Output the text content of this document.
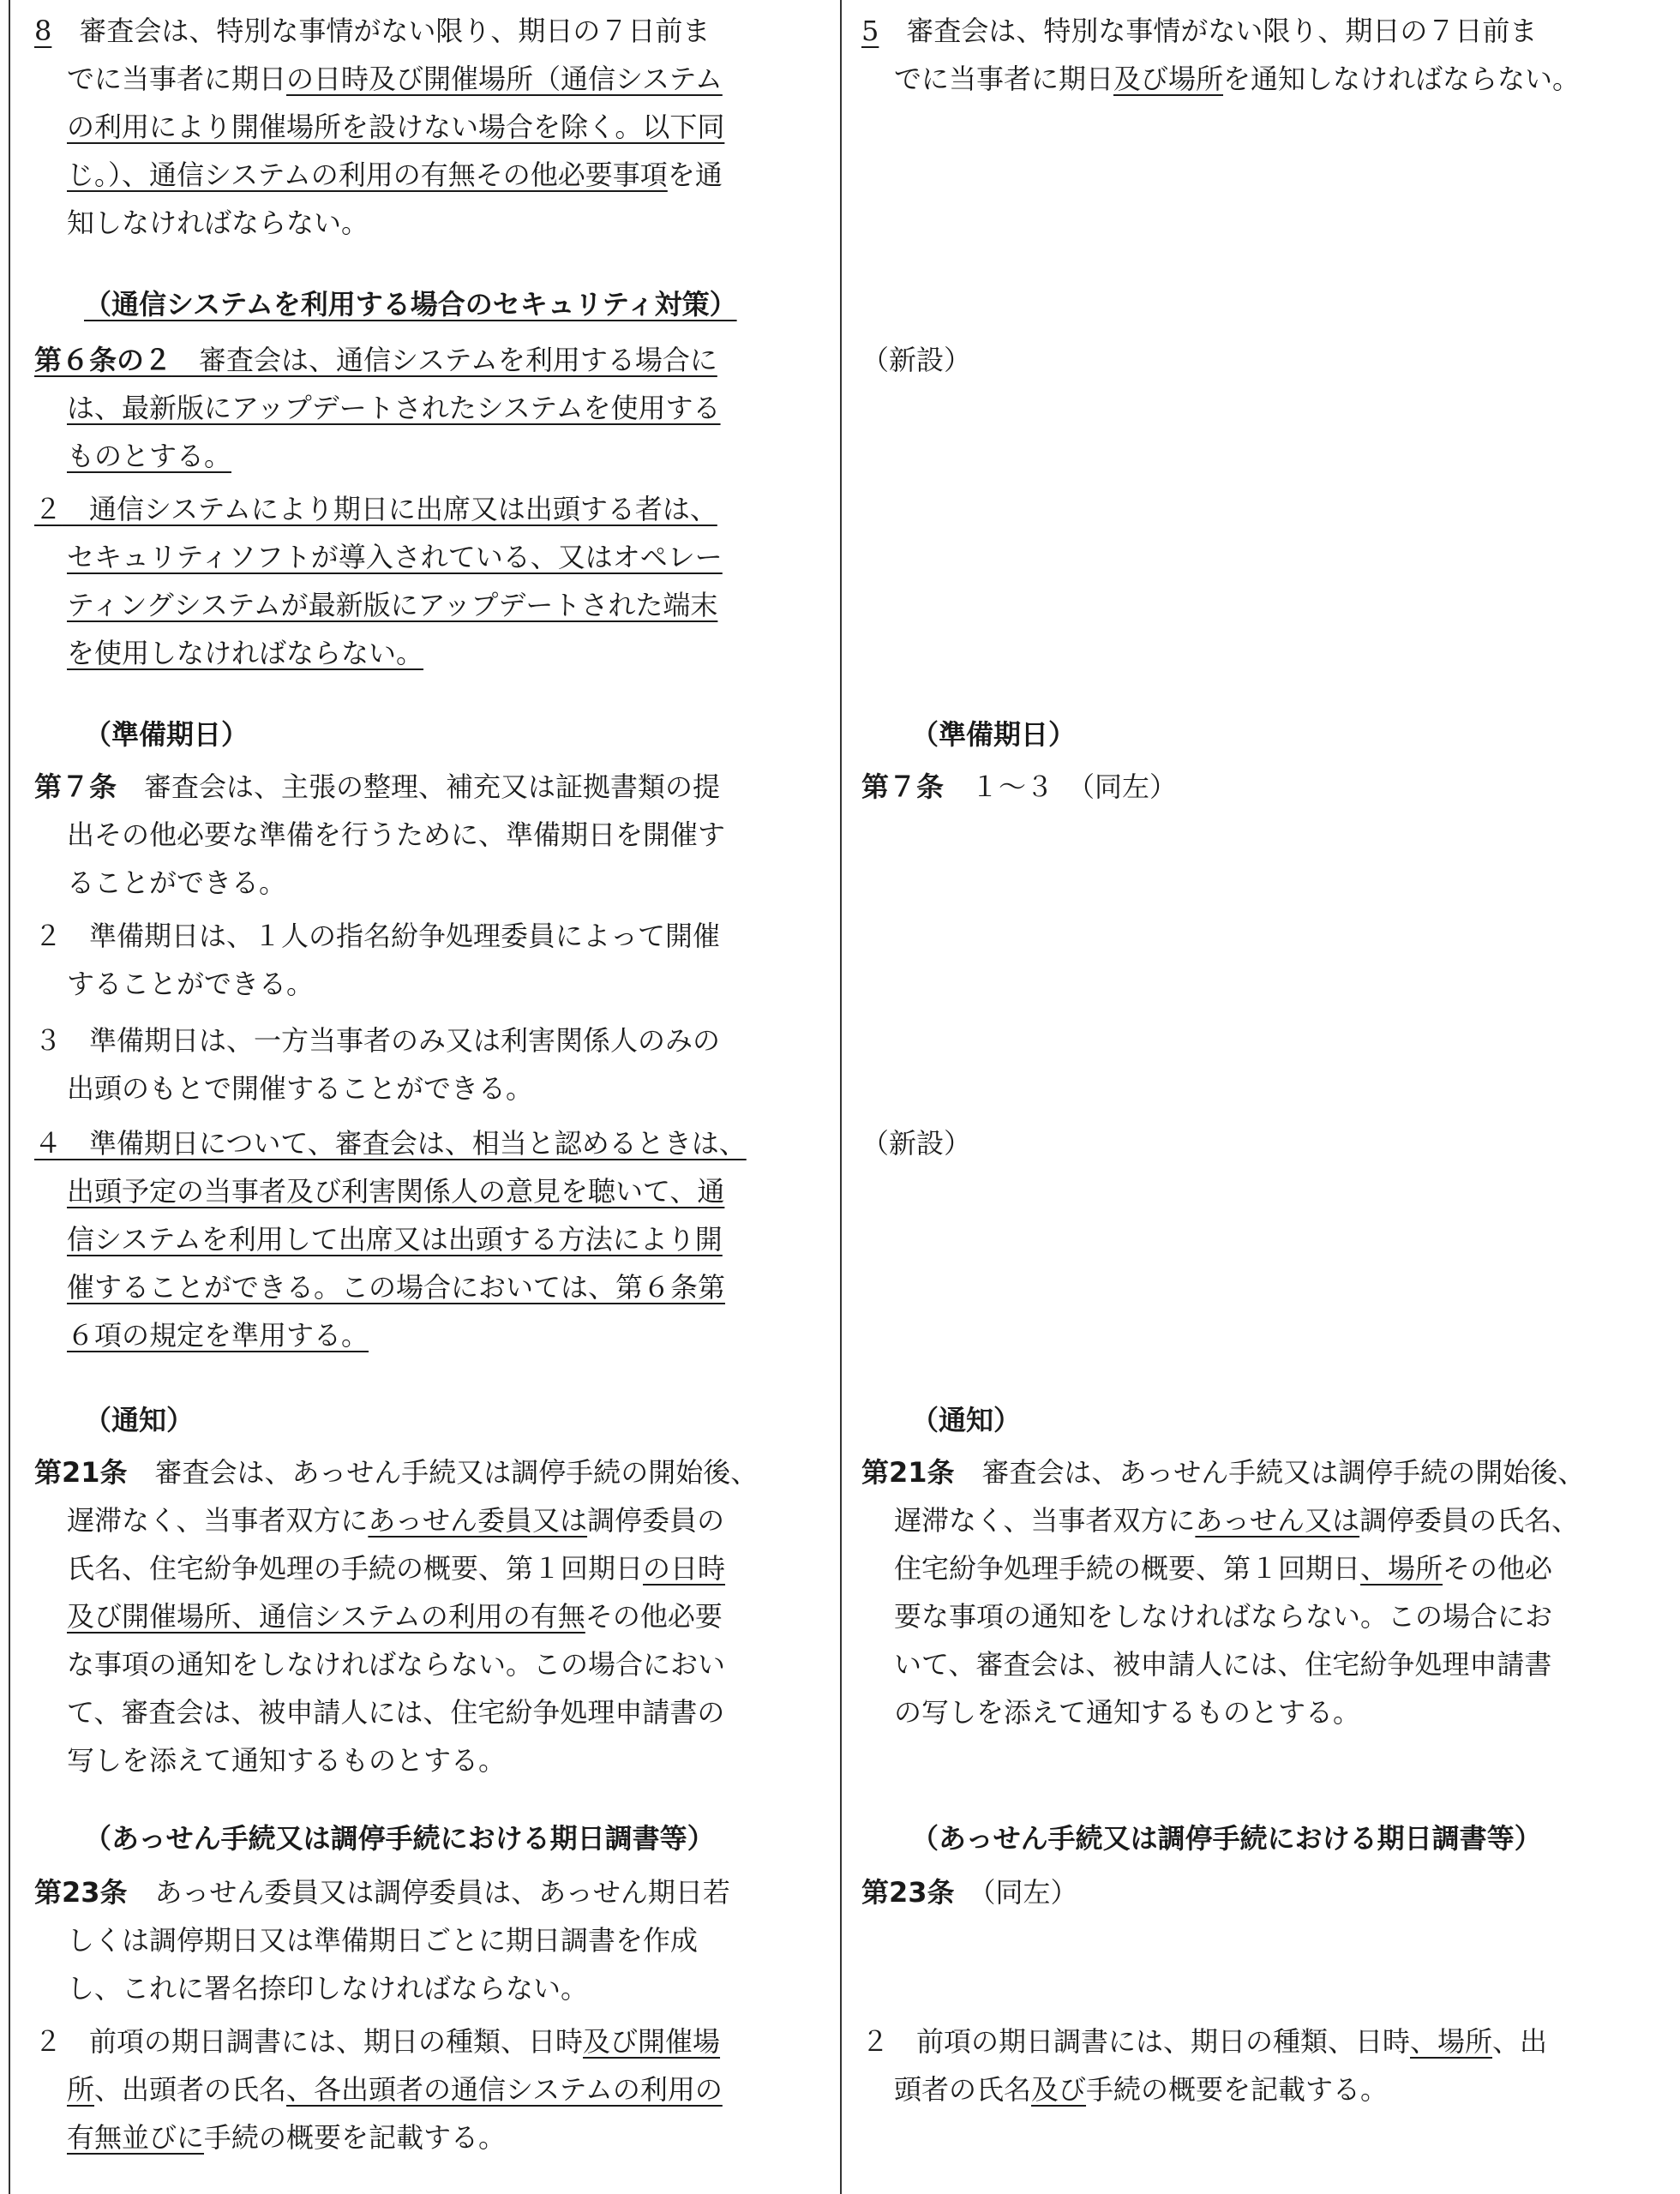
8　審査会は、特別な事情がない限り、期日の７日前ま
でに当事者に期日の日時及び開催場所（通信システム
の利用により開催場所を設けない場合を除く。以下同
じ。）、通信システムの利用の有無その他必要事項を通
知しなければならない。
（通信システムを利用する場合のセキュリティ対策）
第６条の２　審査会は、通信システムを利用する場合に
は、最新版にアップデートされたシステムを使用する
ものとする。
２　通信システムにより期日に出席又は出頭する者は、
セキュリティソフトが導入されている、又はオペレー
ティングシステムが最新版にアップデートされた端末
を使用しなければならない。
（準備期日）
第７条　審査会は、主張の整理、補充又は証拠書類の提
出その他必要な準備を行うために、準備期日を開催す
ることができる。
２　準備期日は、１人の指名紛争処理委員によって開催
することができる。
３　準備期日は、一方当事者のみ又は利害関係人のみの
出頭のもとで開催することができる。
４　準備期日について、審査会は、相当と認めるときは、
出頭予定の当事者及び利害関係人の意見を聴いて、通
信システムを利用して出席又は出頭する方法により開
催することができる。この場合においては、第６条第
６項の規定を準用する。
（通知）
第21条　審査会は、あっせん手続又は調停手続の開始後、
遅滞なく、当事者双方にあっせん委員又は調停委員の
氏名、住宅紛争処理の手続の概要、第１回期日の日時
及び開催場所、通信システムの利用の有無その他必要
な事項の通知をしなければならない。この場合におい
て、審査会は、被申請人には、住宅紛争処理申請書の
写しを添えて通知するものとする。
（あっせん手続又は調停手続における期日調書等）
第23条　あっせん委員又は調停委員は、あっせん期日若
しくは調停期日又は準備期日ごとに期日調書を作成
し、これに署名捺印しなければならない。
２　前項の期日調書には、期日の種類、日時及び開催場
所、出頭者の氏名、各出頭者の通信システムの利用の
有無並びに手続の概要を記載する。
5　審査会は、特別な事情がない限り、期日の７日前ま
でに当事者に期日及び場所を通知しなければならない。
（新設）
（準備期日）
第７条　１～３　（同左）
（新設）
（通知）
第21条　審査会は、あっせん手続又は調停手続の開始後、
遅滞なく、当事者双方にあっせん又は調停委員の氏名、
住宅紛争処理手続の概要、第１回期日、場所その他必
要な事項の通知をしなければならない。この場合にお
いて、審査会は、被申請人には、住宅紛争処理申請書
の写しを添えて通知するものとする。
（あっせん手続又は調停手続における期日調書等）
第23条　（同左）
２　前項の期日調書には、期日の種類、日時、場所、出
頭者の氏名及び手続の概要を記載する。
